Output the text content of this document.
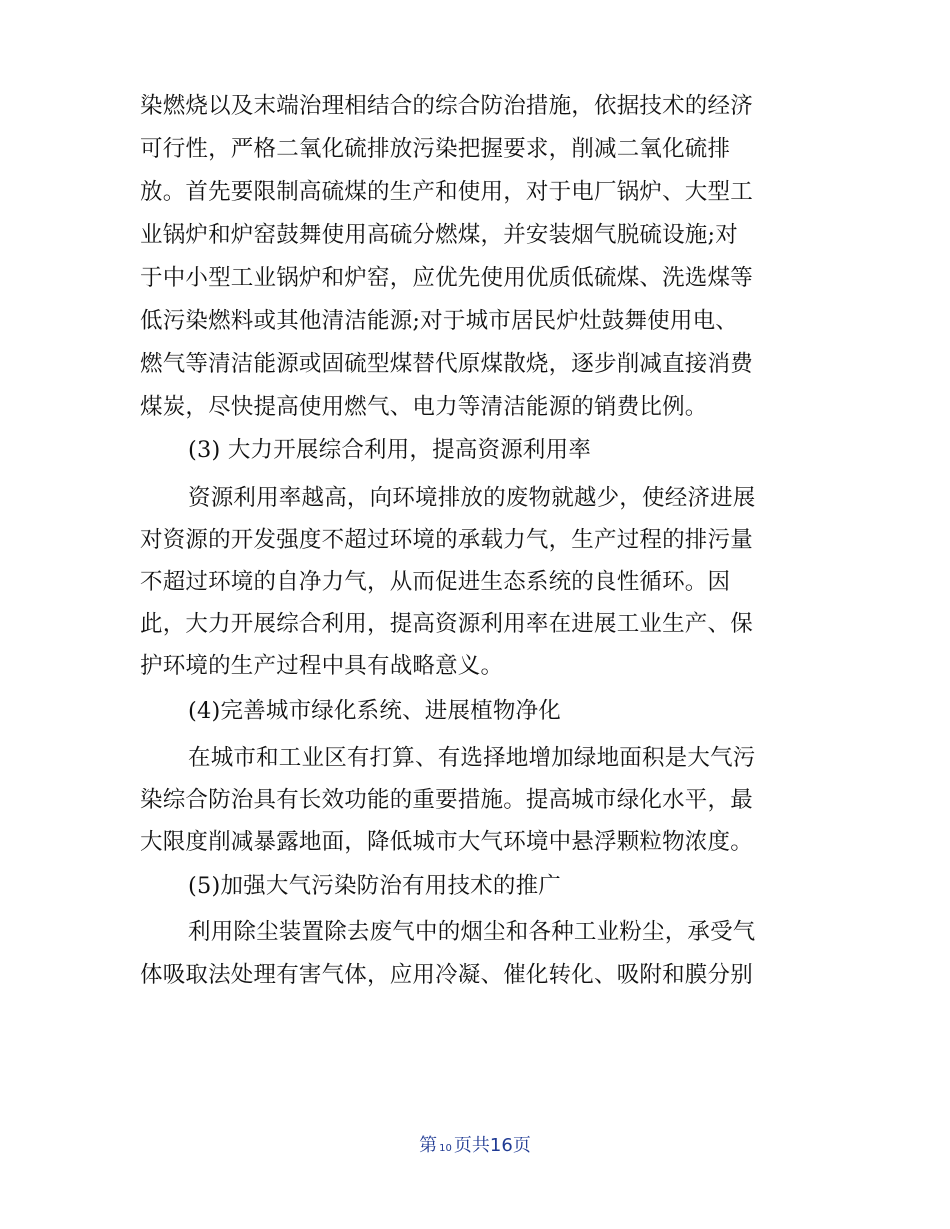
染燃烧以及末端治理相结合的综合防治措施，依据技术的经济
可行性，严格二氧化硫排放污染把握要求，削减二氧化硫排
放。首先要限制高硫煤的生产和使用，对于电厂锅炉、大型工
业锅炉和炉窑鼓舞使用高硫分燃煤，并安装烟气脱硫设施;对
于中小型工业锅炉和炉窑，应优先使用优质低硫煤、洗选煤等
低污染燃料或其他清洁能源;对于城市居民炉灶鼓舞使用电、
燃气等清洁能源或固硫型煤替代原煤散烧，逐步削减直接消费
煤炭，尽快提高使用燃气、电力等清洁能源的销费比例。
(3) 大力开展综合利用，提高资源利用率
资源利用率越高，向环境排放的废物就越少，使经济进展
对资源的开发强度不超过环境的承载力气，生产过程的排污量
不超过环境的自净力气，从而促进生态系统的良性循环。因
此，大力开展综合利用，提高资源利用率在进展工业生产、保
护环境的生产过程中具有战略意义。
(4)完善城市绿化系统、进展植物净化
在城市和工业区有打算、有选择地增加绿地面积是大气污
染综合防治具有长效功能的重要措施。提高城市绿化水平，最
大限度削减暴露地面，降低城市大气环境中悬浮颗粒物浓度。
(5)加强大气污染防治有用技术的推广
利用除尘装置除去废气中的烟尘和各种工业粉尘，承受气
体吸取法处理有害气体，应用冷凝、催化转化、吸附和膜分别
第 10 页共16页
